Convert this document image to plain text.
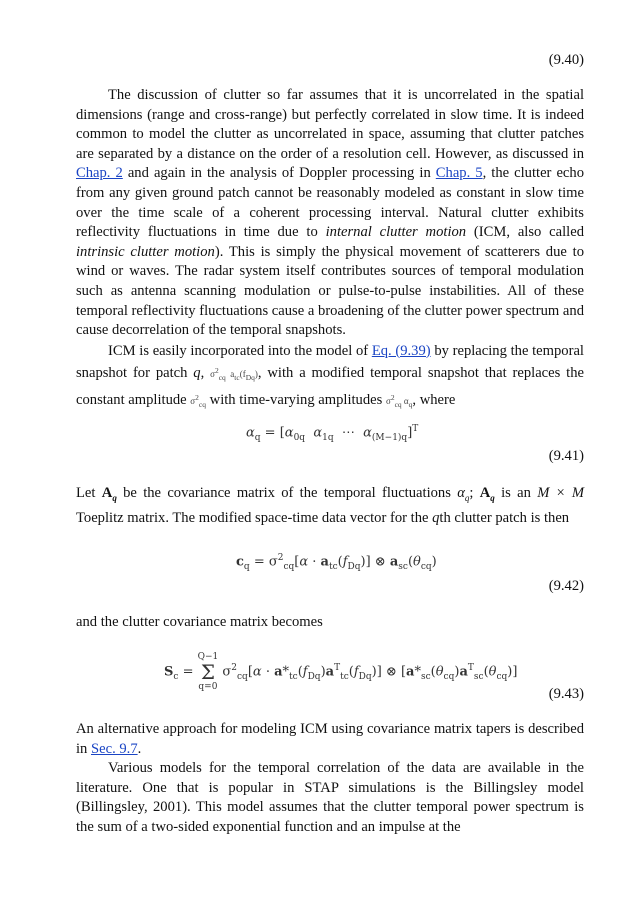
(9.40)

The discussion of clutter so far assumes that it is uncorrelated in the spatial dimensions (range and cross-range) but perfectly correlated in slow time. It is indeed common to model the clutter as uncorrelated in space, assuming that clutter patches are separated by a distance on the order of a resolution cell. However, as discussed in Chap. 2 and again in the analysis of Doppler processing in Chap. 5, the clutter echo from any given ground patch cannot be reasonably modeled as constant in slow time over the time scale of a coherent processing interval. Natural clutter exhibits reflectivity fluctuations in time due to internal clutter motion (ICM, also called intrinsic clutter motion). This is simply the physical movement of scatterers due to wind or waves. The radar system itself contributes sources of temporal modulation such as antenna scanning modulation or pulse-to-pulse instabilities. All of these temporal reflectivity fluctuations cause a broadening of the clutter power spectrum and cause decorrelation of the temporal snapshots.

ICM is easily incorporated into the model of Eq. (9.39) by replacing the temporal snapshot for patch q, $\sigma^2_{cq}$ $a_{tc}(f_{Dq})$, with a modified temporal snapshot that replaces the constant amplitude $\sigma^2_{cq}$ with time-varying amplitudes $\sigma^2_{cq}$ $\alpha_q$, where

$\alpha_q = [\alpha_{0q}$ $\alpha_{1q}$  ⋯  $\alpha_{(M-1)q}]^T$
(9.41)

Let $A_q$ be the covariance matrix of the temporal fluctuations $\alpha_q$; $A_q$ is an M × M Toeplitz matrix. The modified space-time data vector for the qth clutter patch is then

$c_q = \sigma^2_{cq}[\alpha \cdot a_{tc}(f_{Dq})]$ ⊗ $a_{sc}(\theta_{cq})$
(9.42)

and the clutter covariance matrix becomes

$S_c = Q-1$
Σ
q=0 $\sigma^2_{cq}[\alpha \cdot a*_{tc}(f_{Dq})a^T_{tc}(f_{Dq})]$ ⊗ $[a*_{sc}(\theta_{cq})a^T_{sc}(\theta_{cq})]$
(9.43)

An alternative approach for modeling ICM using covariance matrix tapers is described in Sec. 9.7.

Various models for the temporal correlation of the data are available in the literature. One that is popular in STAP simulations is the Billingsley model (Billingsley, 2001). This model assumes that the clutter temporal power spectrum is the sum of a two-sided exponential function and an impulse at the
